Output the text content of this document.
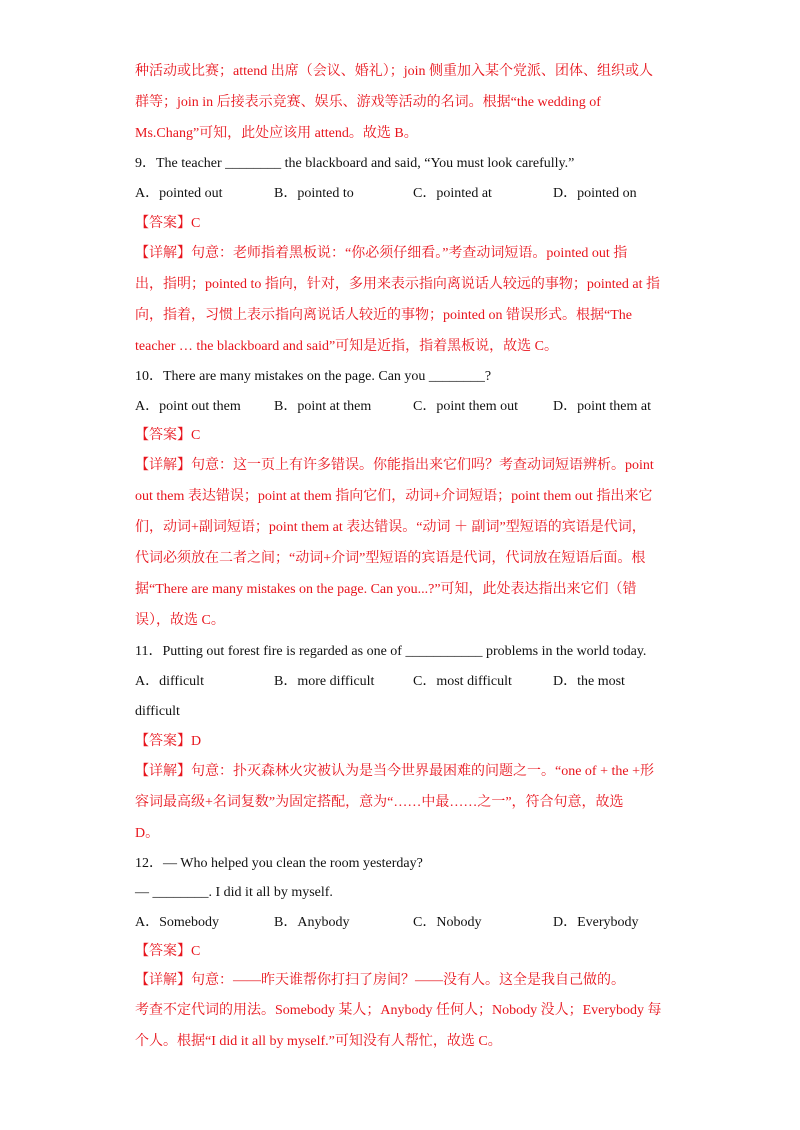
种活动或比赛；attend 出席（会议、婚礼）；join 侧重加入某个党派、团体、组织或人
群等；join in 后接表示竞赛、娱乐、游戏等活动的名词。根据“the wedding of
Ms.Chang”可知，此处应该用 attend。故选 B。
9．The teacher ________ the blackboard and said, “You must look carefully.”
A．pointed out	B．pointed to	C．pointed at	D．pointed on
【答案】C
【详解】句意：老师指着黑板说：“你必须仔细看。”考查动词短语。pointed out 指
出，指明；pointed to 指向，针对，多用来表示指向离说话人较远的事物；pointed at 指
向，指着，习惯上表示指向离说话人较近的事物；pointed on 错误形式。根据“The
teacher … the blackboard and said”可知是近指，指着黑板说，故选 C。
10．There are many mistakes on the page. Can you ________?
A．point out them B．point at them	C．point them out	D．point them at
【答案】C
【详解】句意：这一页上有许多错误。你能指出来它们吗？考查动词短语辨析。point
out them 表达错误；point at them 指向它们，动词+介词短语；point them out 指出来它
们，动词+副词短语；point them at 表达错误。“动词 ＋ 副词”型短语的宾语是代词，
代词必须放在二者之间；“动词+介词”型短语的宾语是代词，代词放在短语后面。根
据“There are many mistakes on the page. Can you...?”可知，此处表达指出来它们（错
误），故选 C。
11．Putting out forest fire is regarded as one of ___________ problems in the world today.
A．difficult	B．more difficult	C．most difficult	D．the most
difficult
【答案】D
【详解】句意：扑灭森林火灾被认为是当今世界最困难的问题之一。“one of + the +形
容词最高级+名词复数”为固定搭配，意为“……中最……之一”，符合句意，故选
D。
12．— Who helped you clean the room yesterday?
— ________. I did it all by myself.
A．Somebody	B．Anybody	C．Nobody	D．Everybody
【答案】C
【详解】句意：——昨天谁帮你打扫了房间？——没有人。这全是我自己做的。
考查不定代词的用法。Somebody 某人；Anybody 任何人；Nobody 没人；Everybody 每
个人。根据“I did it all by myself.”可知没有人帮忙，故选 C。
